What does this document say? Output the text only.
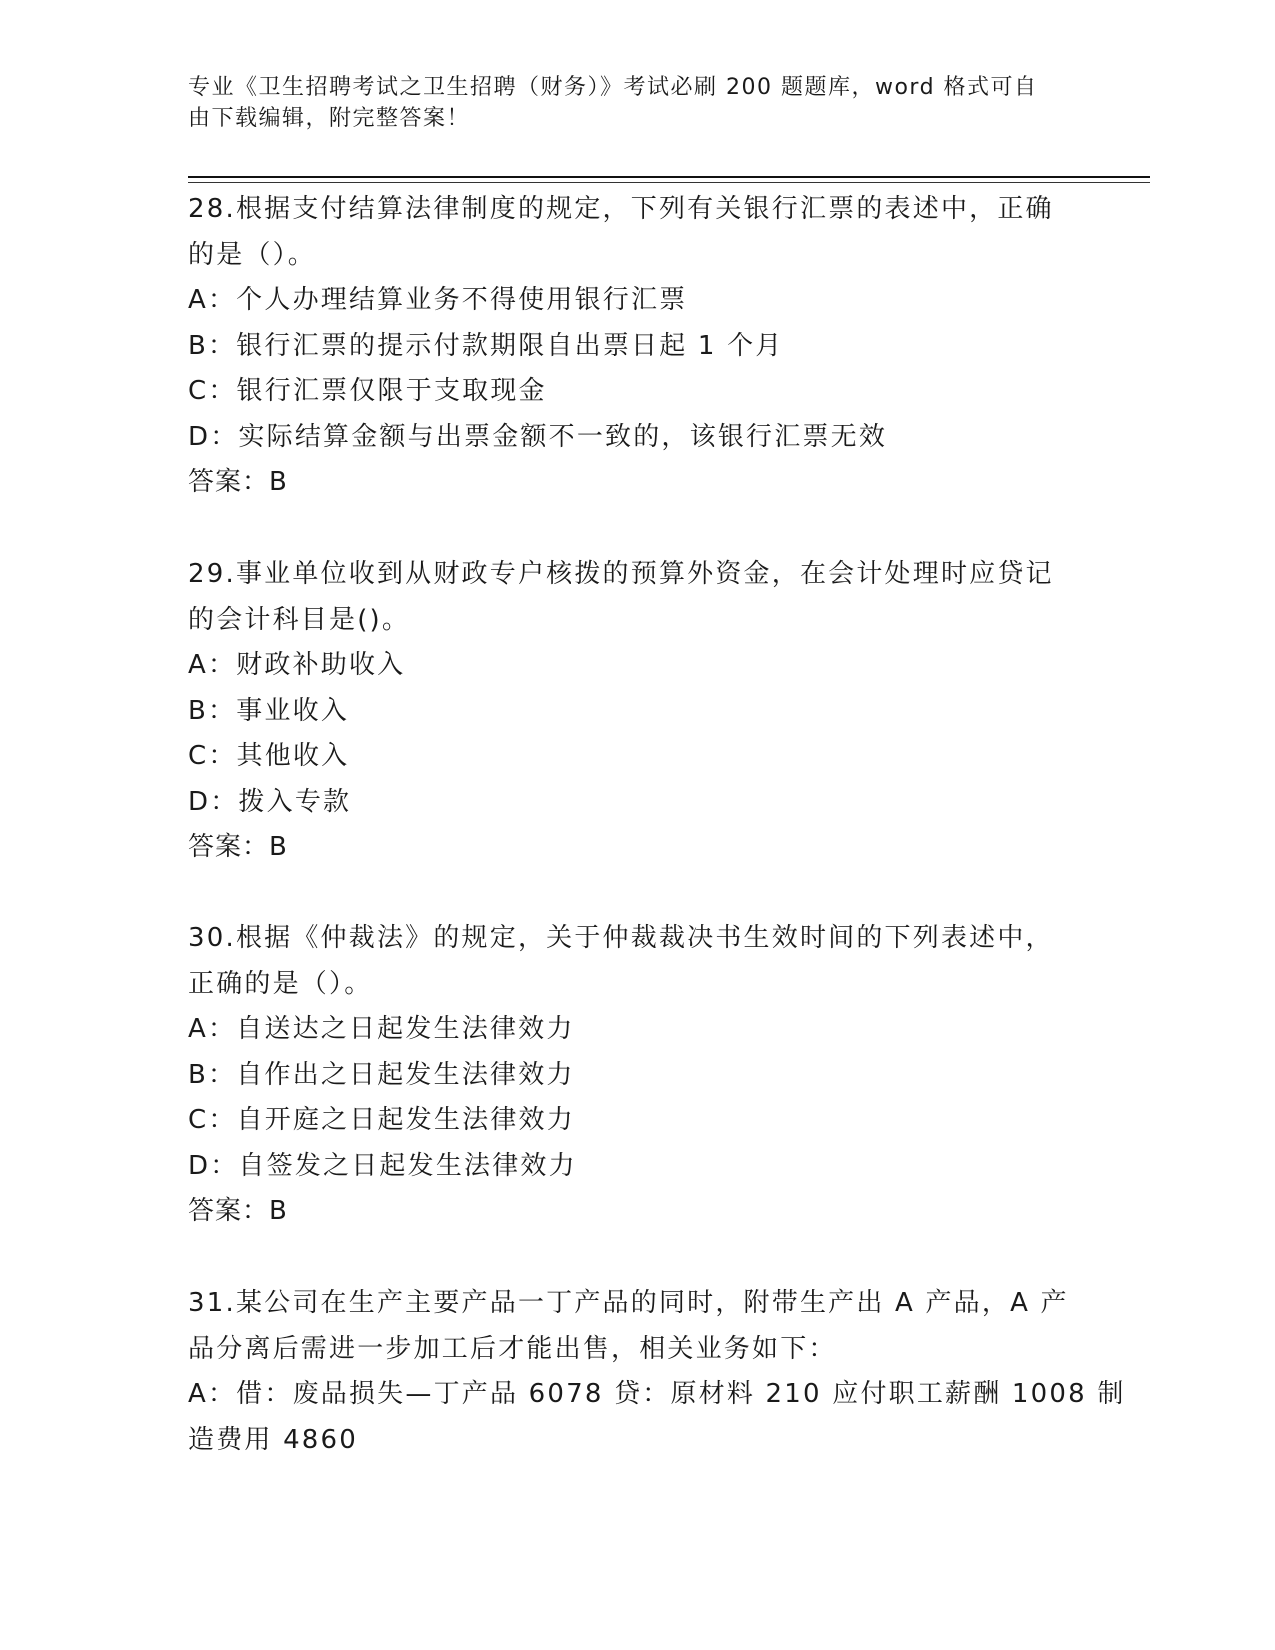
专业《卫生招聘考试之卫生招聘（财务）》考试必刷 200 题题库，word 格式可自
由下载编辑，附完整答案！
28.根据支付结算法律制度的规定，下列有关银行汇票的表述中，正确
的是（）。
A：个人办理结算业务不得使用银行汇票
B：银行汇票的提示付款期限自出票日起 1 个月
C：银行汇票仅限于支取现金
D：实际结算金额与出票金额不一致的，该银行汇票无效
答案：B
29.事业单位收到从财政专户核拨的预算外资金，在会计处理时应贷记
的会计科目是()。
A：财政补助收入
B：事业收入
C：其他收入
D：拨入专款
答案：B
30.根据《仲裁法》的规定，关于仲裁裁决书生效时间的下列表述中，
正确的是（）。
A：自送达之日起发生法律效力
B：自作出之日起发生法律效力
C：自开庭之日起发生法律效力
D：自签发之日起发生法律效力
答案：B
31.某公司在生产主要产品一丁产品的同时，附带生产出 A 产品，A 产
品分离后需进一步加工后才能出售，相关业务如下：
A：借：废品损失—丁产品 6078 贷：原材料 210 应付职工薪酬 1008 制
造费用 4860
